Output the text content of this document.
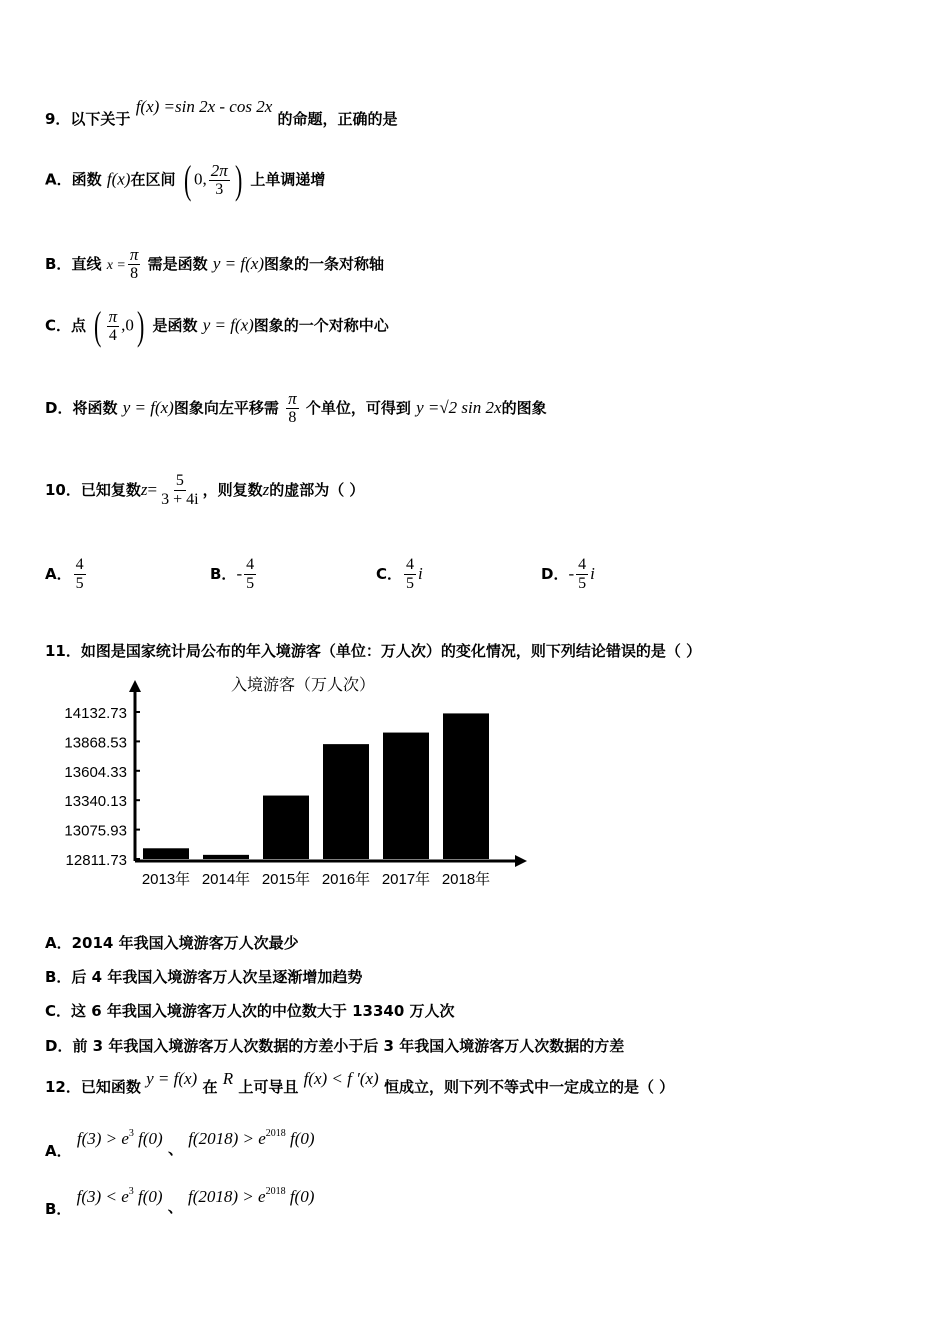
9．以下关于 f(x) =sin 2x - cos 2x 的命题，正确的是
A．函数 f(x)在区间 ( 0, $\frac{2\pi}{3}$ ) 上单调递增
B．直线 $x = \frac{\pi}{8}$ 需是函数 y = f(x)图象的一条对称轴
C．点 ( $\frac{\pi}{4} ,0$) 是函数 y = f(x)图象的一个对称中心
D．将函数 y = f(x)图象向左平移需 $\frac{\pi}{8}$ 个单位，可得到 y =√2 sin 2x的图象
10．已知复数$z= \frac{5}{3 + 4i}$ ，则复数z的虚部为（ ）
A． $\frac{4}{5}$	B．- $\frac{4}{5}$	C． $\frac{4}{5}$ i	D．- $\frac{4}{5}$ i
11．如图是国家统计局公布的年入境游客（单位：万人次）的变化情况，则下列结论错误的是（ ）
入境游客（万人次）
12811.73
13075.93
13340.13
13604.33
13868.53
14132.73
2013年 2014年 2015年 2016年 2017年 2018年
A．2014 年我国入境游客万人次最少
B．后 4 年我国入境游客万人次呈逐渐增加趋势
C．这 6 年我国入境游客万人次的中位数大于 13340 万人次
D．前 3 年我国入境游客万人次数据的方差小于后 3 年我国入境游客万人次数据的方差
12．已知函数 y = f(x) 在 R 上可导且 f(x) < f ′(x) 恒成立，则下列不等式中一定成立的是（ ）
A． $f(3) > e^3$ f(0) 、 $f(2018) > e^{2018}$ f(0)
B． $f(3) < e^3$ f(0) 、 $f(2018) > e^{2018}$ f(0)
